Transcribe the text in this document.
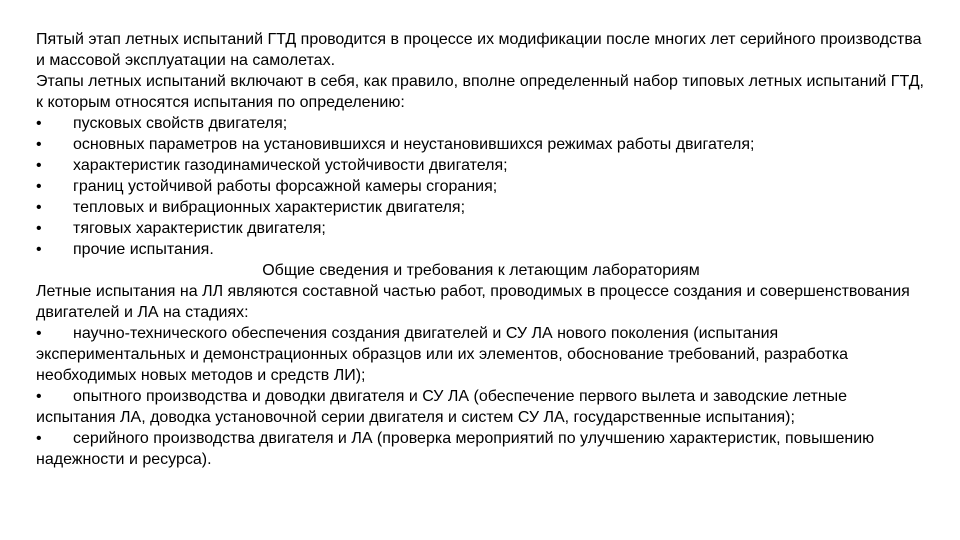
Пятый этап летных испытаний ГТД проводится в процессе их модификации после многих лет серийного производства и массовой эксплуатации на самолетах.

Этапы летных испытаний включают в себя, как правило, вполне определенный набор типовых летных испытаний ГТД, к которым относятся испытания по определению:

•	пусковых свойств двигателя;
•	основных параметров на установившихся и неустановившихся режимах работы двигателя;
•	характеристик газодинамической устойчивости двигателя;
•	границ устойчивой работы форсажной камеры сгорания;
•	тепловых и вибрационных характеристик двигателя;
•	тяговых характеристик двигателя;
•	прочие испытания.

Общие сведения и требования к летающим лабораториям

Летные испытания на ЛЛ являются составной частью работ, проводимых в процессе создания и совершенствования двигателей и ЛА на стадиях:

• научно-технического обеспечения создания двигателей и СУ ЛА нового поколения (испытания экспериментальных и демонстрационных образцов или их элементов, обоснование требований, разработка необходимых новых методов и средств ЛИ);

• опытного производства и доводки двигателя и СУ ЛА (обеспечение первого вылета и заводские летные испытания ЛА, доводка установочной серии двигателя и систем СУ ЛА, государственные испытания);

• серийного производства двигателя и ЛА (проверка мероприятий по улучшению характеристик, повышению надежности и ресурса).
